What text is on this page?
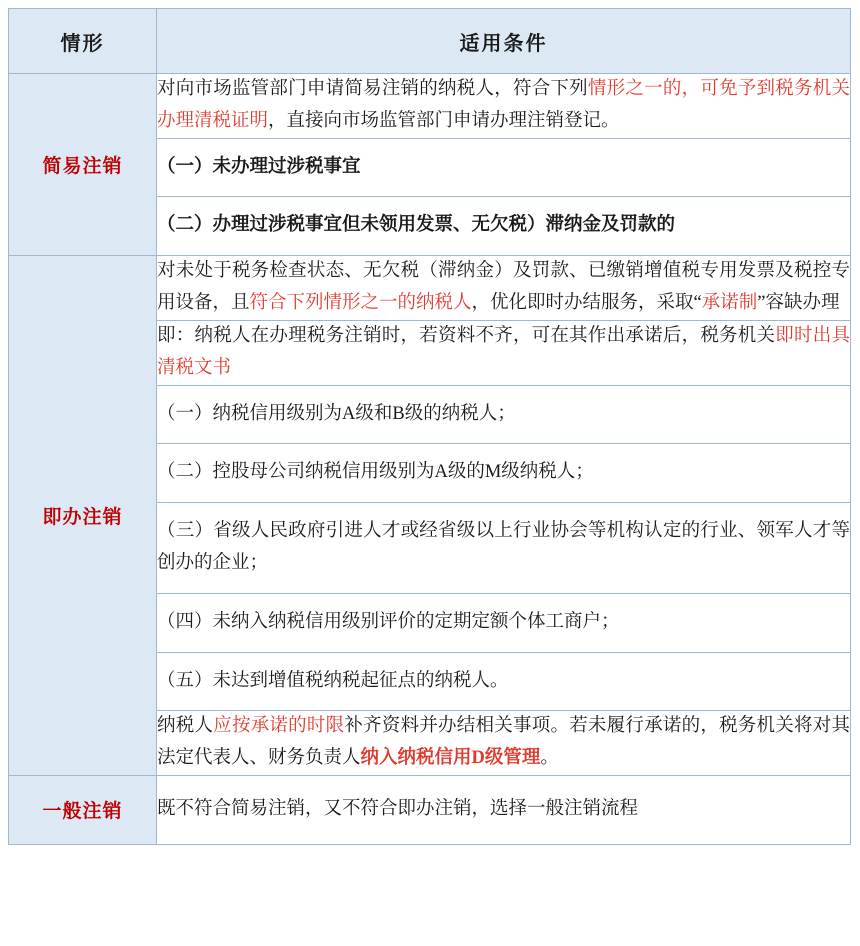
情形	适用条件
简易注销	对向市场监管部门申请简易注销的纳税人，符合下列情形之一的，可免予到税务机关办理清税证明，直接向市场监管部门申请办理注销登记。
	（一）未办理过涉税事宜
	（二）办理过涉税事宜但未领用发票、无欠税）滞纳金及罚款的
即办注销	对未处于税务检查状态、无欠税（滞纳金）及罚款、已缴销增值税专用发票及税控专用设备，且符合下列情形之一的纳税人，优化即时办结服务，采取“承诺制”容缺办理
	即：纳税人在办理税务注销时，若资料不齐，可在其作出承诺后，税务机关即时出具清税文书
	（一）纳税信用级别为A级和B级的纳税人；
	（二）控股母公司纳税信用级别为A级的M级纳税人；
	（三）省级人民政府引进人才或经省级以上行业协会等机构认定的行业、领军人才等创办的企业；
	（四）未纳入纳税信用级别评价的定期定额个体工商户；
	（五）未达到增值税纳税起征点的纳税人。
	纳税人应按承诺的时限补齐资料并办结相关事项。若未履行承诺的，税务机关将对其法定代表人、财务负责人纳入纳税信用D级管理。
一般注销	既不符合简易注销，又不符合即办注销，选择一般注销流程
